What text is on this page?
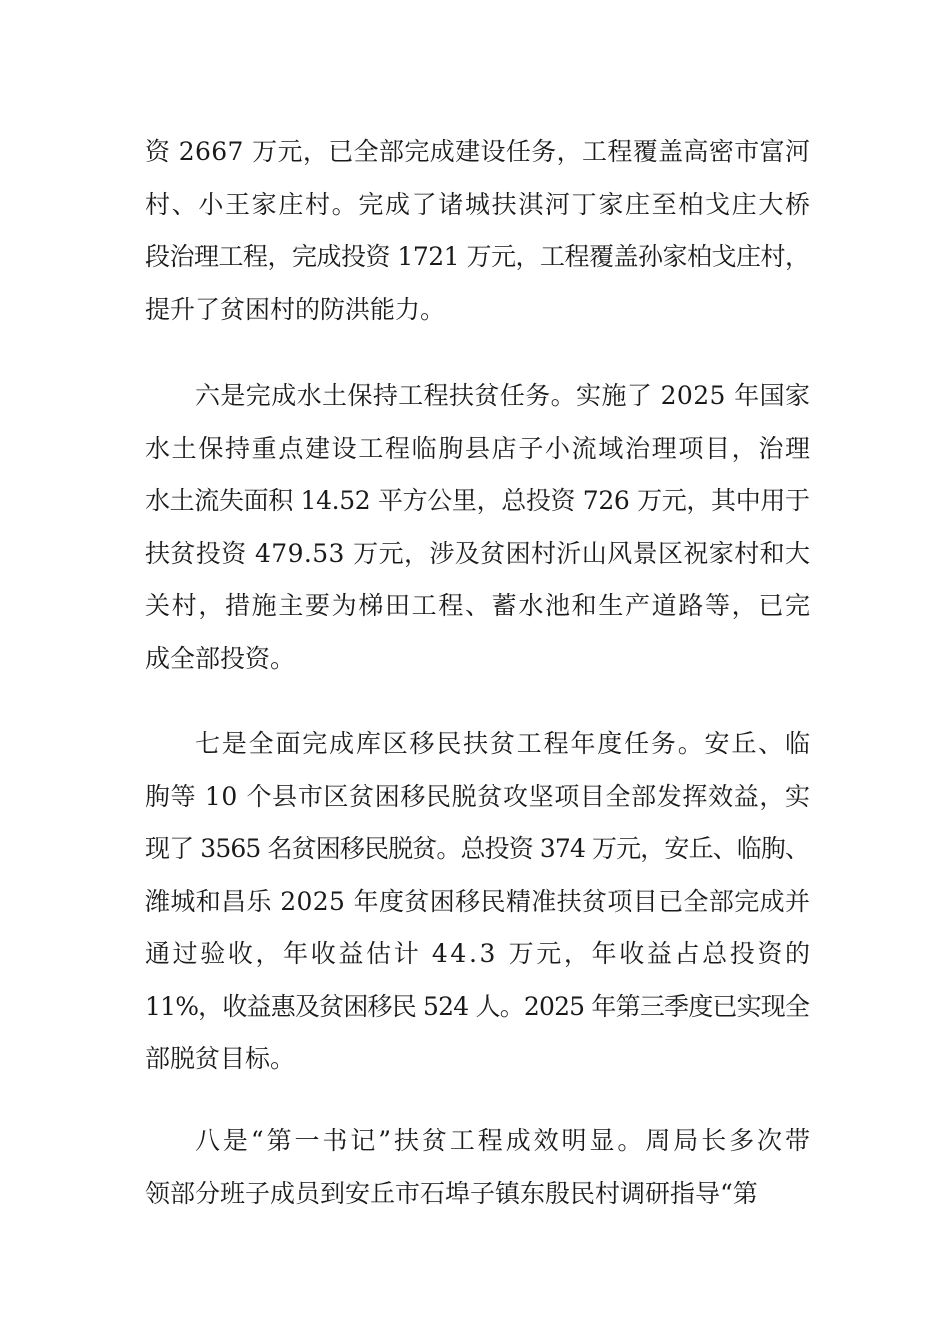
资 2667 万元，已全部完成建设任务，工程覆盖高密市富河
村、小王家庄村。完成了诸城扶淇河丁家庄至柏戈庄大桥
段治理工程，完成投资 1721 万元，工程覆盖孙家柏戈庄村，
提升了贫困村的防洪能力。

六是完成水土保持工程扶贫任务。实施了 2025 年国家
水土保持重点建设工程临朐县店子小流域治理项目，治理
水土流失面积 14.52 平方公里，总投资 726 万元，其中用于
扶贫投资 479.53 万元，涉及贫困村沂山风景区祝家村和大
关村，措施主要为梯田工程、蓄水池和生产道路等，已完
成全部投资。

七是全面完成库区移民扶贫工程年度任务。安丘、临
朐等 10 个县市区贫困移民脱贫攻坚项目全部发挥效益，实
现了 3565 名贫困移民脱贫。总投资 374 万元，安丘、临朐、
潍城和昌乐 2025 年度贫困移民精准扶贫项目已全部完成并
通过验收，年收益估计 44.3 万元，年收益占总投资的
11%，收益惠及贫困移民 524 人。2025 年第三季度已实现全
部脱贫目标。

八是“第一书记”扶贫工程成效明显。周局长多次带
领部分班子成员到安丘市石埠子镇东殷民村调研指导“第
